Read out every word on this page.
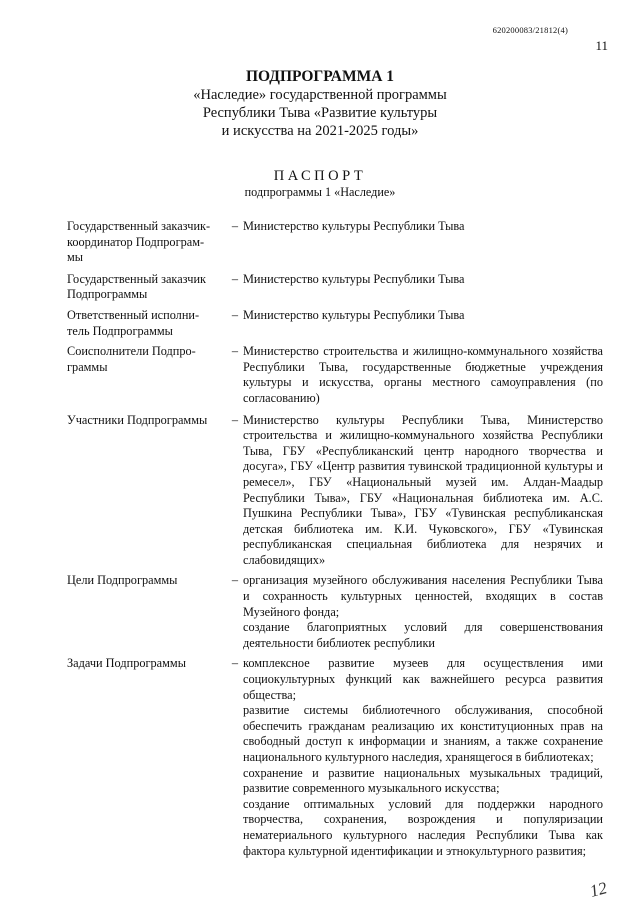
620200083/21812(4)
11
ПОДПРОГРАММА 1
«Наследие» государственной программы
Республики Тыва «Развитие культуры
и искусства на 2021-2025 годы»
ПАСПОРТ
подпрограммы 1 «Наследие»
Государственный заказчик-
координатор Подпрограм-
мы
– Министерство культуры Республики Тыва

Государственный заказчик
Подпрограммы
– Министерство культуры Республики Тыва

Ответственный исполни-
тель Подпрограммы
– Министерство культуры Республики Тыва

Соисполнители Подпро-
граммы
– Министерство строительства и жилищно-коммунального хозяйства Республики Тыва, государственные бюджетные учреждения культуры и искусства, органы местного самоуправления (по согласованию)

Участники Подпрограммы	– Министерство культуры Республики Тыва, Министерство строительства и жилищно-коммунального хозяйства Республики Тыва, ГБУ «Республиканский центр народного творчества и досуга», ГБУ «Центр развития тувинской традиционной культуры и ремесел», ГБУ «Национальный музей им. Алдан-Маадыр Республики Тыва», ГБУ «Национальная библиотека им. А.С. Пушкина Республики Тыва», ГБУ «Тувинская республиканская детская библиотека им. К.И. Чуковского», ГБУ «Тувинская республиканская специальная библиотека для незрячих и слабовидящих»

Цели Подпрограммы	– организация музейного обслуживания населения Республики Тыва и сохранность культурных ценностей, входящих в состав Музейного фонда;

создание благоприятных условий для совершенствования деятельности библиотек республики

Задачи Подпрограммы	– комплексное развитие музеев для осуществления ими социокультурных функций как важнейшего ресурса развития общества;

развитие системы библиотечного обслуживания, способной обеспечить гражданам реализацию их конституционных прав на свободный доступ к информации и знаниям, а также сохранение национального культурного наследия, хранящегося в библиотеках;

сохранение и развитие национальных музыкальных традиций, развитие современного музыкального искусства;

создание оптимальных условий для поддержки народного творчества, сохранения, возрождения и популяризации нематериального культурного наследия Республики Тыва как фактора культурной идентификации и этнокультурного развития;

12
